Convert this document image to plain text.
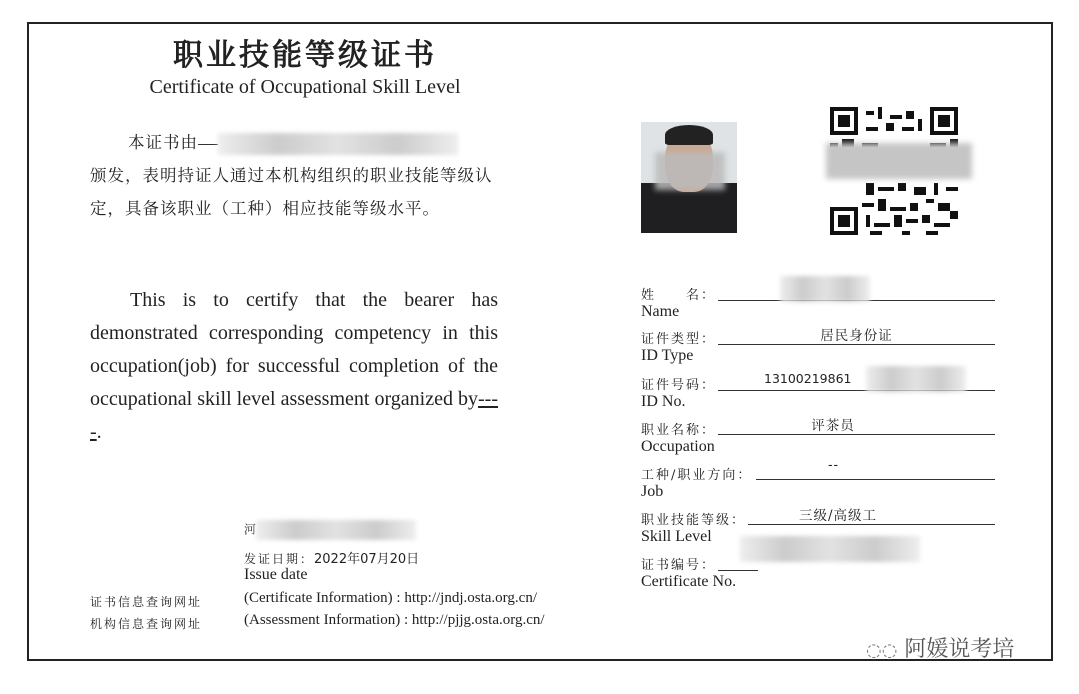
职业技能等级证书
Certificate of Occupational Skill Level
本证书由
颁发，表明持证人通过本机构组织的职业技能等级认定，具备该职业（工种）相应技能等级水平。
This is to certify that the bearer has demonstrated corresponding competency in this occupation(job) for successful completion of the occupational skill level assessment organized by----.
河
发证日期：2022年07月20日
Issue date
证书信息查询网址	(Certificate Information) : http://jndj.osta.org.cn/
机构信息查询网址	(Assessment Information) : http://pjjg.osta.org.cn/
姓　　名：
Name
证件类型：
ID Type
居民身份证
证件号码：
ID No.
13100219861
职业名称：
Occupation
评茶员
工种/职业方向：
Job
--
职业技能等级：
Skill Level
三级/高级工
证书编号：
Certificate No.
◌◌ 阿媛说考培
